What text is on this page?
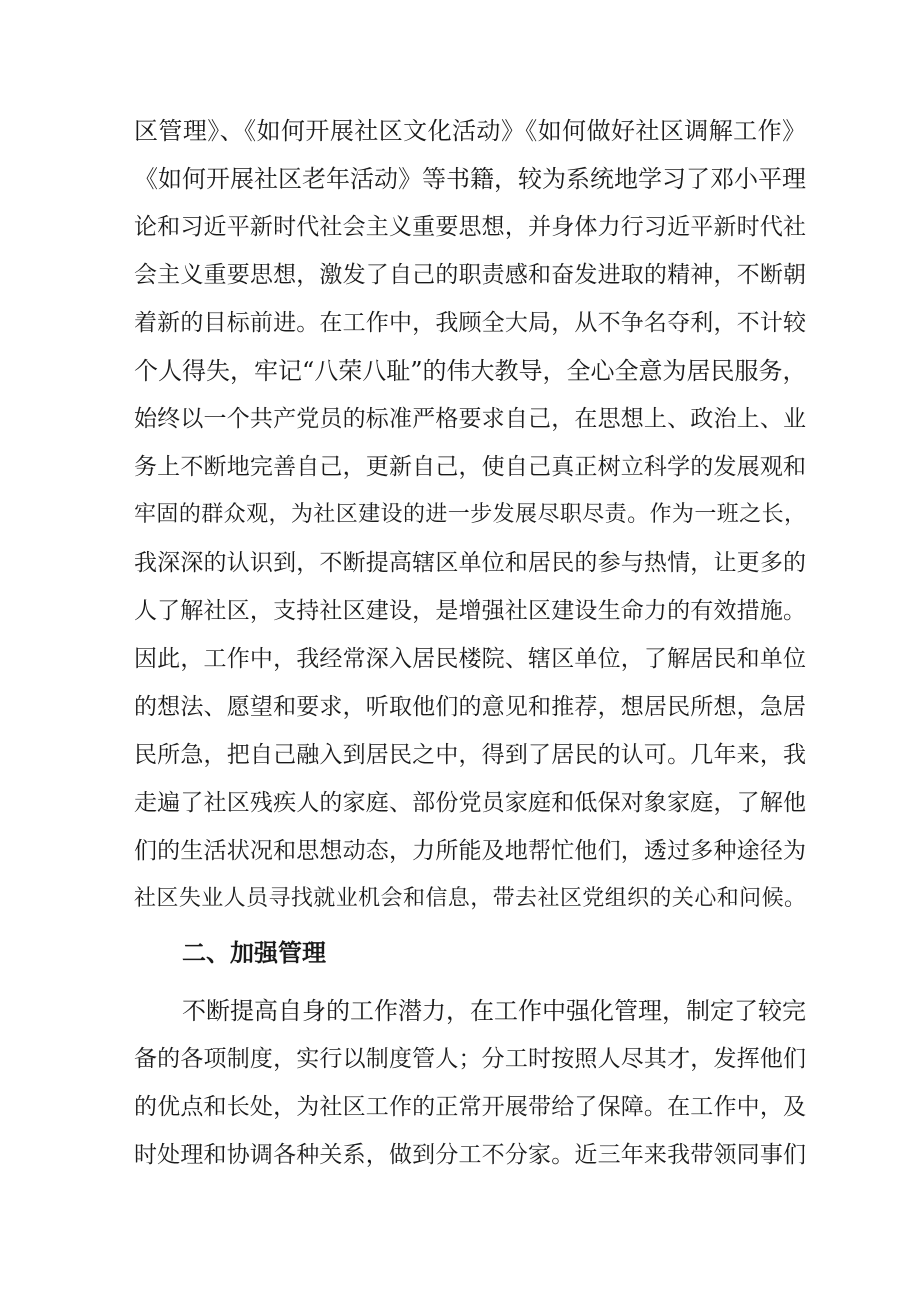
区管理》、《如何开展社区文化活动》《如何做好社区调解工作》
《如何开展社区老年活动》等书籍，较为系统地学习了邓小平理
论和习近平新时代社会主义重要思想，并身体力行习近平新时代社
会主义重要思想，激发了自己的职责感和奋发进取的精神，不断朝
着新的目标前进。在工作中，我顾全大局，从不争名夺利，不计较
个人得失，牢记“八荣八耻”的伟大教导，全心全意为居民服务，
始终以一个共产党员的标准严格要求自己，在思想上、政治上、业
务上不断地完善自己，更新自己，使自己真正树立科学的发展观和
牢固的群众观，为社区建设的进一步发展尽职尽责。作为一班之长，
我深深的认识到，不断提高辖区单位和居民的参与热情，让更多的
人了解社区，支持社区建设，是增强社区建设生命力的有效措施。
因此，工作中，我经常深入居民楼院、辖区单位，了解居民和单位
的想法、愿望和要求，听取他们的意见和推荐，想居民所想，急居
民所急，把自己融入到居民之中，得到了居民的认可。几年来，我
走遍了社区残疾人的家庭、部份党员家庭和低保对象家庭，了解他
们的生活状况和思想动态，力所能及地帮忙他们，透过多种途径为
社区失业人员寻找就业机会和信息，带去社区党组织的关心和问候。
二、加强管理
不断提高自身的工作潜力，在工作中强化管理，制定了较完
备的各项制度，实行以制度管人；分工时按照人尽其才，发挥他们
的优点和长处，为社区工作的正常开展带给了保障。在工作中，及
时处理和协调各种关系，做到分工不分家。近三年来我带领同事们
